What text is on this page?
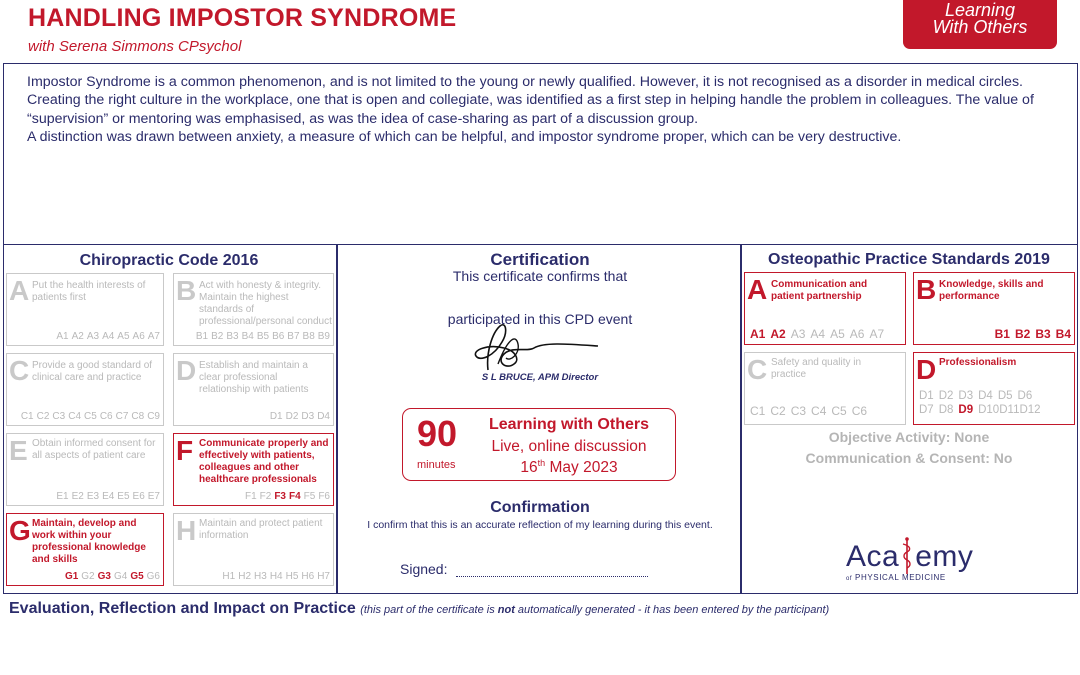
HANDLING IMPOSTOR SYNDROME
with Serena Simmons CPsychol
Learning
With Others

Impostor Syndrome is a common phenomenon, and is not limited to the young or newly qualified. However, it is not recognised as a disorder in medical circles.

Creating the right culture in the workplace, one that is open and collegiate, was identified as a first step in helping handle the problem in colleagues. The value of “supervision” or mentoring was emphasised, as was the idea of case-sharing as part of a discussion group.

A distinction was drawn between anxiety, a measure of which can be helpful, and impostor syndrome proper, which can be very destructive.

Chiropractic Code 2016
A Put the health interests of patients first
A1 A2 A3 A4 A5 A6 A7
B Act with honesty & integrity. Maintain the highest standards of professional/personal conduct
B1 B2 B3 B4 B5 B6 B7 B8 B9
C Provide a good standard of clinical care and practice
C1 C2 C3 C4 C5 C6 C7 C8 C9
D Establish and maintain a clear professional relationship with patients
D1 D2 D3 D4
E Obtain informed consent for all aspects of patient care
E1 E2 E3 E4 E5 E6 E7
F Communicate properly and effectively with patients, colleagues and other healthcare professionals
F1 F2 F3 F4 F5 F6
G Maintain, develop and work within your professional knowledge and skills
G1 G2 G3 G4 G5 G6
H Maintain and protect patient information
H1 H2 H3 H4 H5 H6 H7
Certification
This certificate confirms that
participated in this CPD event
S L BRUCE, APM Director
90
minutes
Learning with Others
Live, online discussion
16th May 2023
Confirmation
I confirm that this is an accurate reflection of my learning during this event.
Signed:	Aca emy
of PHYSICAL MEDICINE
Osteopathic Practice Standards 2019
A Communication and patient partnership
A1 A2 A3 A4 A5 A6 A7
B Knowledge, skills and performance
B1 B2 B3 B4
C Safety and quality in practice
C1 C2 C3 C4 C5 C6
D Professionalism
D1 D2 D3 D4 D5 D6
D7 D8 D9 D10D11D12
Objective Activity: None
Communication & Consent: No
Evaluation, Reflection and Impact on Practice (this part of the certificate is not automatically generated - it has been entered by the participant)
